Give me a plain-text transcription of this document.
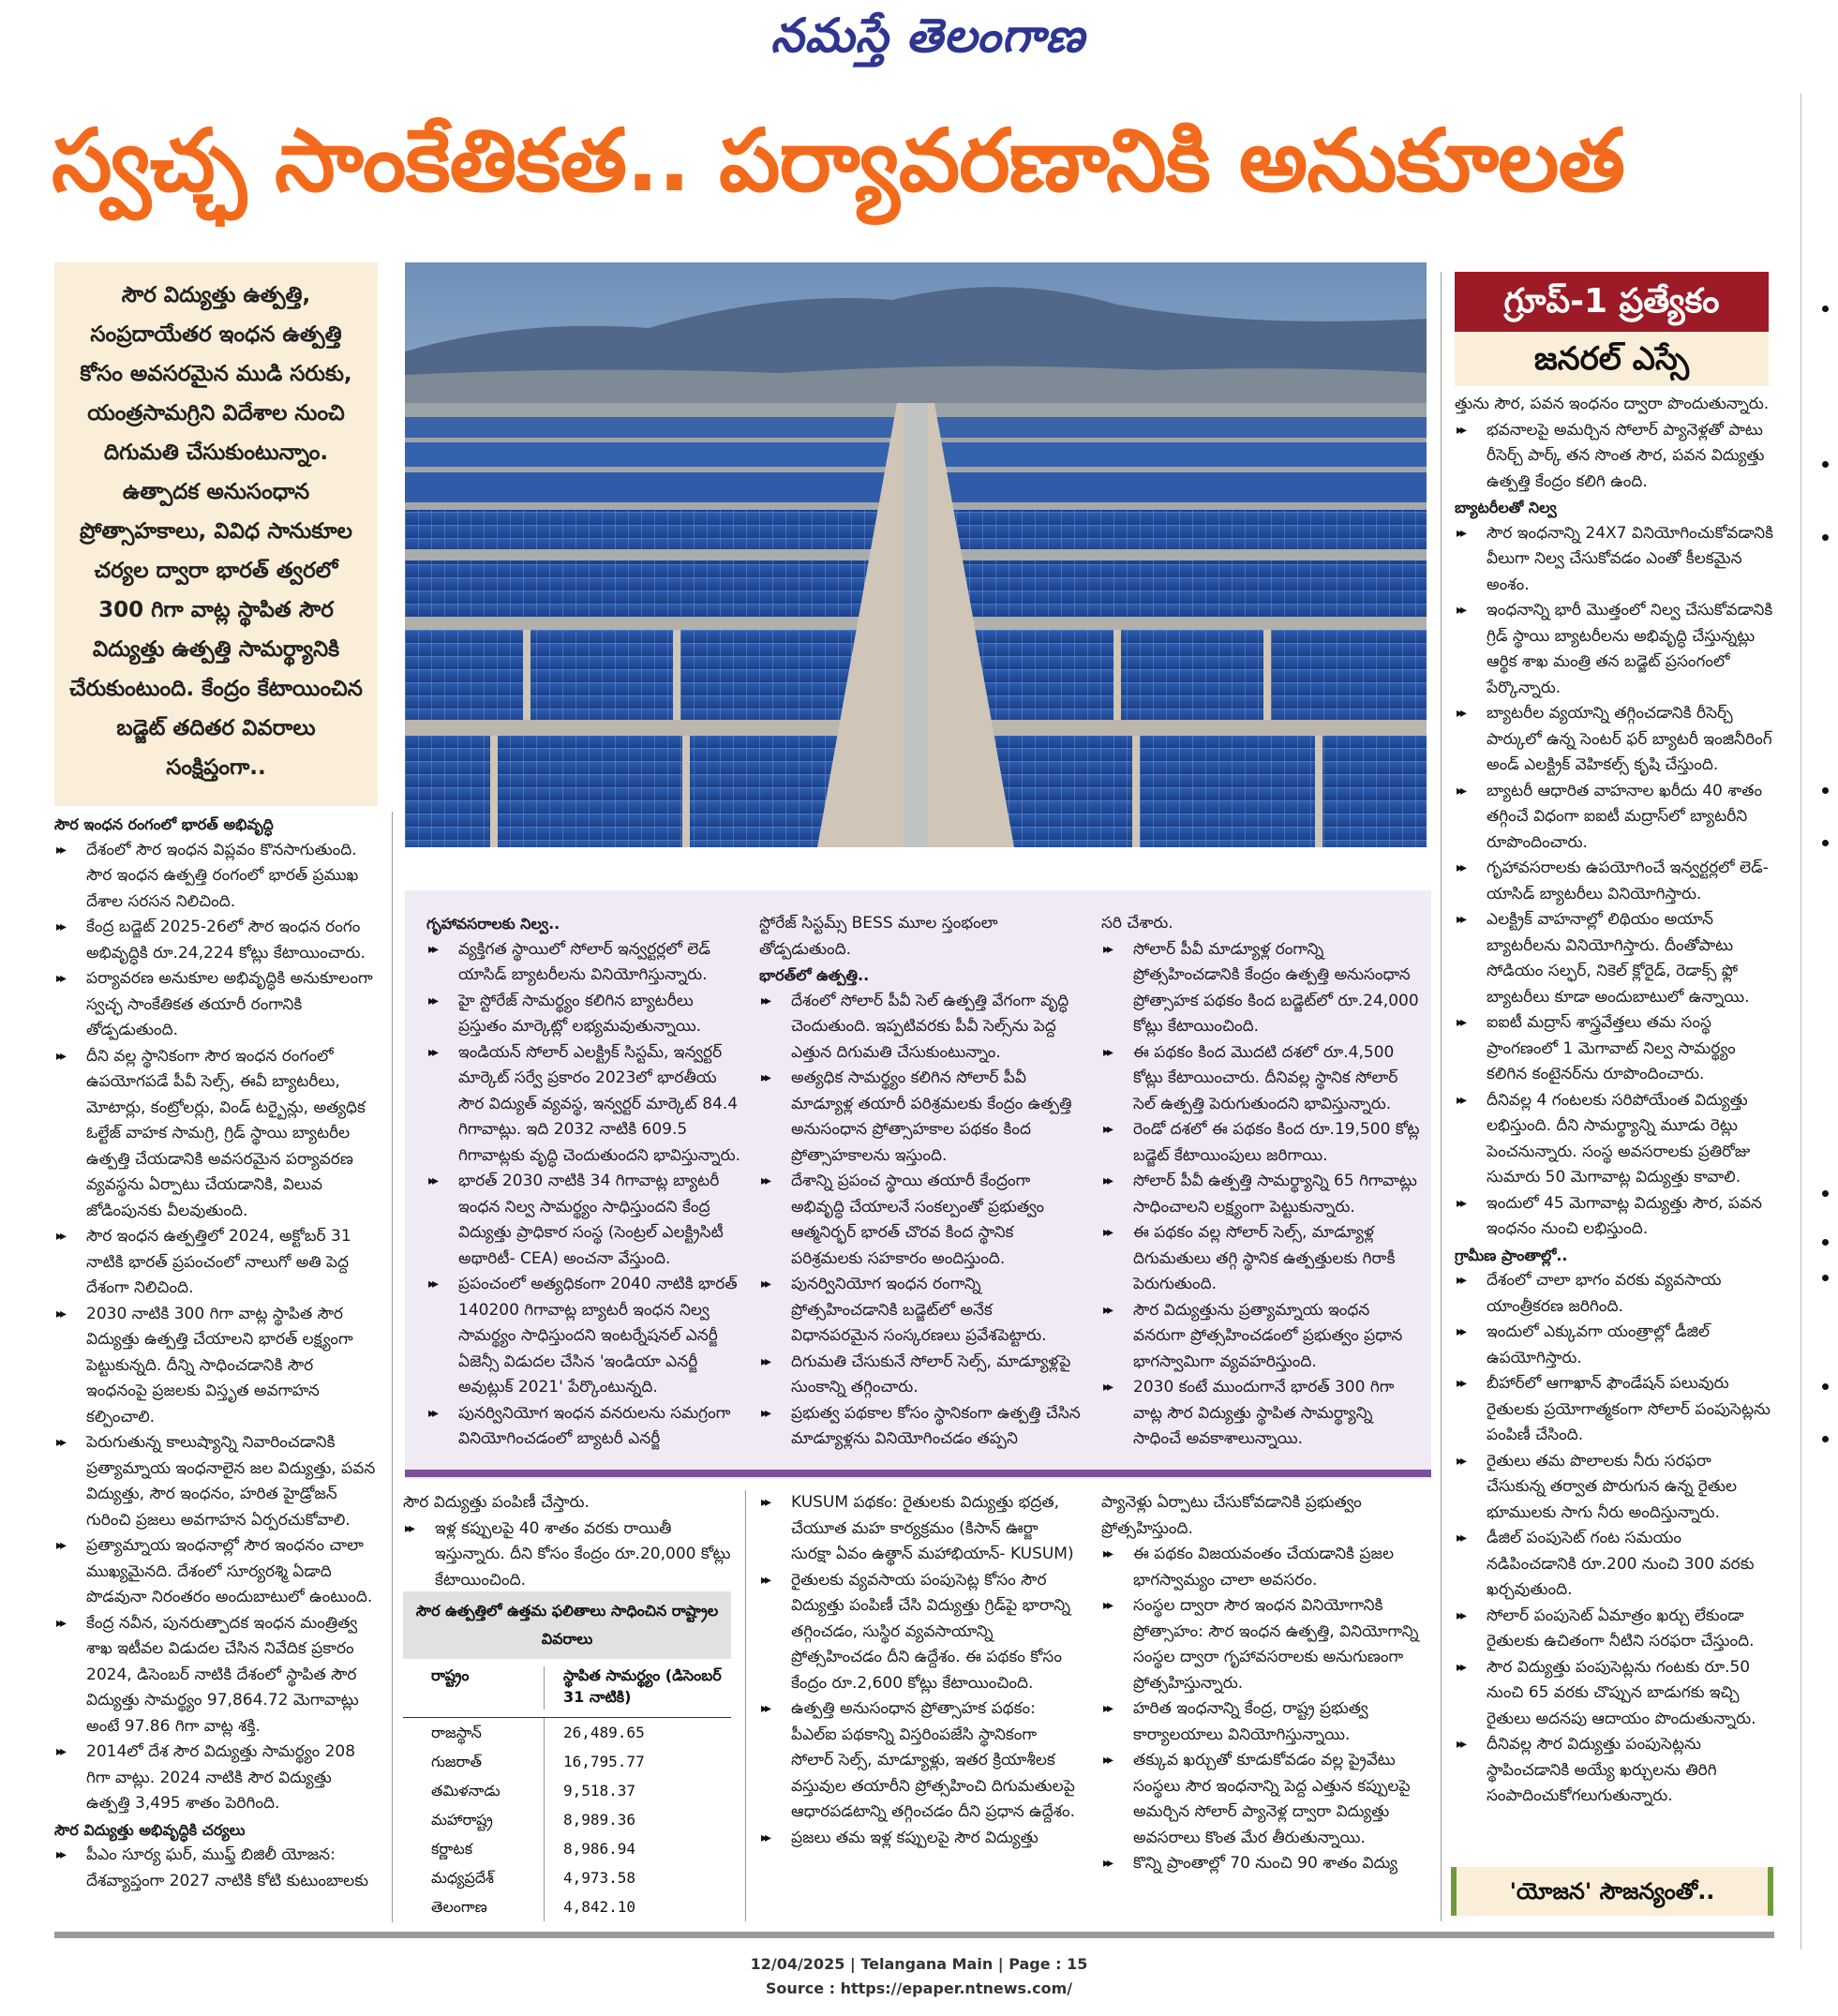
నమస్తే తెలంగాణ
స్వచ్ఛ సాంకేతికత.. పర్యావరణానికి అనుకూలత
సౌర విద్యుత్తు ఉత్పత్తి, సంప్రదాయేతర ఇంధన ఉత్పత్తి కోసం అవసరమైన ముడి సరుకు, యంత్రసామగ్రిని విదేశాల నుంచి దిగుమతి చేసుకుంటున్నాం. ఉత్పాదక అనుసంధాన ప్రోత్సాహకాలు, వివిధ సానుకూల చర్యల ద్వారా భారత్ త్వరలో 300 గిగా వాట్ల స్థాపిత సౌర విద్యుత్తు ఉత్పత్తి సామర్థ్యానికి చేరుకుంటుంది. కేంద్రం కేటాయించిన బడ్జెట్ తదితర వివరాలు సంక్షిప్తంగా..
గ్రూప్-1 ప్రత్యేకం
జనరల్ ఎస్సే

సౌర ఇంధన రంగంలో భారత్ అభివృద్ధి

▸▸ దేశంలో సౌర ఇంధన విప్లవం కొనసాగుతుంది. సౌర ఇంధన ఉత్పత్తి రంగంలో భారత్ ప్రముఖ దేశాల సరసన నిలిచింది.

▸▸ కేంద్ర బడ్జెట్ 2025-26లో సౌర ఇంధన రంగం అభివృద్ధికి రూ.24,224 కోట్లు కేటాయించారు.

▸▸ పర్యావరణ అనుకూల అభివృద్ధికి అనుకూలంగా స్వచ్ఛ సాంకేతికత తయారీ రంగానికి తోడ్పడుతుంది.

▸▸ దీని వల్ల స్థానికంగా సౌర ఇంధన రంగంలో ఉపయోగపడే పీవీ సెల్స్, ఈవీ బ్యాటరీలు, మోటార్లు, కంట్రోలర్లు, విండ్ టర్బైన్లు, అత్యధిక ఓల్టేజ్ వాహక సామగ్రి, గ్రిడ్ స్థాయి బ్యాటరీల ఉత్పత్తి చేయడానికి అవసరమైన పర్యావరణ వ్యవస్థను ఏర్పాటు చేయడానికి, విలువ జోడింపునకు వీలవుతుంది.

▸▸ సౌర ఇంధన ఉత్పత్తిలో 2024, అక్టోబర్ 31 నాటికి భారత్ ప్రపంచంలో నాలుగో అతి పెద్ద దేశంగా నిలిచింది.

▸▸ 2030 నాటికి 300 గిగా వాట్ల స్థాపిత సౌర విద్యుత్తు ఉత్పత్తి చేయాలని భారత్ లక్ష్యంగా పెట్టుకున్నది. దీన్ని సాధించడానికి సౌర ఇంధనంపై ప్రజలకు విస్తృత అవగాహన కల్పించాలి.

▸▸ పెరుగుతున్న కాలుష్యాన్ని నివారించడానికి ప్రత్యామ్నాయ ఇంధనాలైన జల విద్యుత్తు, పవన విద్యుత్తు, సౌర ఇంధనం, హరిత హైడ్రోజన్ గురించి ప్రజలు అవగాహన ఏర్పరచుకోవాలి.

▸▸ ప్రత్యామ్నాయ ఇంధనాల్లో సౌర ఇంధనం చాలా ముఖ్యమైనది. దేశంలో సూర్యరశ్మి ఏడాది పొడవునా నిరంతరం అందుబాటులో ఉంటుంది.

▸▸ కేంద్ర నవీన, పునరుత్పాదక ఇంధన మంత్రిత్వ శాఖ ఇటీవల విడుదల చేసిన నివేదిక ప్రకారం 2024, డిసెంబర్ నాటికి దేశంలో స్థాపిత సౌర విద్యుత్తు సామర్థ్యం 97,864.72 మెగావాట్లు అంటే 97.86 గిగా వాట్ల శక్తి.

▸▸ 2014లో దేశ సౌర విద్యుత్తు సామర్థ్యం 208 గిగా వాట్లు. 2024 నాటికి సౌర విద్యుత్తు ఉత్పత్తి 3,495 శాతం పెరిగింది.

సౌర విద్యుత్తు అభివృద్ధికి చర్యలు

▸▸ పీఎం సూర్య ఘర్, ముఫ్త్ బిజిలీ యోజన: దేశవ్యాప్తంగా 2027 నాటికి కోటి కుటుంబాలకు

గృహావసరాలకు నిల్వ..

▸▸ వ్యక్తిగత స్థాయిలో సోలార్ ఇన్వర్టర్లలో లెడ్ యాసిడ్ బ్యాటరీలను వినియోగిస్తున్నారు.

▸▸ హై స్టోరేజ్ సామర్థ్యం కలిగిన బ్యాటరీలు ప్రస్తుతం మార్కెట్లో లభ్యమవుతున్నాయి.

▸▸ ఇండియన్ సోలార్ ఎలక్ట్రిక్ సిస్టమ్, ఇన్వర్టర్ మార్కెట్ సర్వే ప్రకారం 2023లో భారతీయ సౌర విద్యుత్ వ్యవస్థ, ఇన్వర్టర్ మార్కెట్ 84.4 గిగావాట్లు. ఇది 2032 నాటికి 609.5 గిగావాట్లకు వృద్ధి చెందుతుందని భావిస్తున్నారు.

▸▸ భారత్ 2030 నాటికి 34 గిగావాట్ల బ్యాటరీ ఇంధన నిల్వ సామర్థ్యం సాధిస్తుందని కేంద్ర విద్యుత్తు ప్రాధికార సంస్థ (సెంట్రల్ ఎలక్ట్రిసిటీ అథారిటీ- CEA) అంచనా వేస్తుంది.

▸▸ ప్రపంచంలో అత్యధికంగా 2040 నాటికి భారత్ 140200 గిగావాట్ల బ్యాటరీ ఇంధన నిల్వ సామర్థ్యం సాధిస్తుందని ఇంటర్నేషనల్ ఎనర్జీ ఏజెన్సీ విడుదల చేసిన 'ఇండియా ఎనర్జీ అవుట్లుక్ 2021' పేర్కొంటున్నది.

▸▸ పునర్వినియోగ ఇంధన వనరులను సమగ్రంగా వినియోగించడంలో బ్యాటరీ ఎనర్జీ

స్టోరేజ్ సిస్టమ్స్ BESS మూల స్తంభంలా తోడ్పడుతుంది.

భారత్‌లో ఉత్పత్తి..

▸▸ దేశంలో సోలార్ పీవీ సెల్ ఉత్పత్తి వేగంగా వృద్ధి చెందుతుంది. ఇప్పటివరకు పీవీ సెల్స్‌ను పెద్ద ఎత్తున దిగుమతి చేసుకుంటున్నాం.

▸▸ అత్యధిక సామర్థ్యం కలిగిన సోలార్ పీవీ మాడ్యూళ్ల తయారీ పరిశ్రమలకు కేంద్రం ఉత్పత్తి అనుసంధాన ప్రోత్సాహకాల పథకం కింద ప్రోత్సాహకాలను ఇస్తుంది.

▸▸ దేశాన్ని ప్రపంచ స్థాయి తయారీ కేంద్రంగా అభివృద్ధి చేయాలనే సంకల్పంతో ప్రభుత్వం ఆత్మనిర్భర్ భారత్ చొరవ కింద స్థానిక పరిశ్రమలకు సహకారం అందిస్తుంది.

▸▸ పునర్వినియోగ ఇంధన రంగాన్ని ప్రోత్సహించడానికి బడ్జెట్‌లో అనేక విధానపరమైన సంస్కరణలు ప్రవేశపెట్టారు.

▸▸ దిగుమతి చేసుకునే సోలార్ సెల్స్, మాడ్యూళ్లపై సుంకాన్ని తగ్గించారు.

▸▸ ప్రభుత్వ పథకాల కోసం స్థానికంగా ఉత్పత్తి చేసిన మాడ్యూళ్లను వినియోగించడం తప్పని

సరి చేశారు.

▸▸ సోలార్ పీవీ మాడ్యూళ్ల రంగాన్ని ప్రోత్సహించడానికి కేంద్రం ఉత్పత్తి అనుసంధాన ప్రోత్సాహక పథకం కింద బడ్జెట్‌లో రూ.24,000 కోట్లు కేటాయించింది.

▸▸ ఈ పథకం కింద మొదటి దశలో రూ.4,500 కోట్లు కేటాయించారు. దీనివల్ల స్థానిక సోలార్ సెల్ ఉత్పత్తి పెరుగుతుందని భావిస్తున్నారు.

▸▸ రెండో దశలో ఈ పథకం కింద రూ.19,500 కోట్ల బడ్జెట్ కేటాయింపులు జరిగాయి.

▸▸ సోలార్ పీవీ ఉత్పత్తి సామర్థ్యాన్ని 65 గిగావాట్లు సాధించాలని లక్ష్యంగా పెట్టుకున్నారు.

▸▸ ఈ పథకం వల్ల సోలార్ సెల్స్, మాడ్యూళ్ల దిగుమతులు తగ్గి స్థానిక ఉత్పత్తులకు గిరాకీ పెరుగుతుంది.

▸▸ సౌర విద్యుత్తును ప్రత్యామ్నాయ ఇంధన వనరుగా ప్రోత్సహించడంలో ప్రభుత్వం ప్రధాన భాగస్వామిగా వ్యవహరిస్తుంది.

▸▸ 2030 కంటే ముందుగానే భారత్ 300 గిగా వాట్ల సౌర విద్యుత్తు స్థాపిత సామర్థ్యాన్ని సాధించే అవకాశాలున్నాయి.

సౌర విద్యుత్తు పంపిణీ చేస్తారు.

▸▸ ఇళ్ల కప్పులపై 40 శాతం వరకు రాయితీ ఇస్తున్నారు. దీని కోసం కేంద్రం రూ.20,000 కోట్లు కేటాయించింది.

సౌర ఉత్పత్తిలో ఉత్తమ ఫలితాలు సాధించిన రాష్ట్రాల వివరాలు
రాష్ట్రం	స్థాపిత సామర్థ్యం (డిసెంబర్ 31 నాటికి)
రాజస్థాన్	26,489.65
గుజరాత్	16,795.77
తమిళనాడు	9,518.37
మహారాష్ట్ర	8,989.36
కర్ణాటక	8,986.94
మధ్యప్రదేశ్	4,973.58
తెలంగాణ	4,842.10

▸▸ KUSUM పథకం: రైతులకు విద్యుత్తు భద్రత, చేయూత మహ కార్యక్రమం (కిసాన్ ఊర్జా సురక్షా ఏవం ఉత్థాన్ మహాభియాన్- KUSUM)

▸▸ రైతులకు వ్యవసాయ పంపుసెట్ల కోసం సౌర విద్యుత్తు పంపిణీ చేసి విద్యుత్తు గ్రిడ్‌పై భారాన్ని తగ్గించడం, సుస్థిర వ్యవసాయాన్ని ప్రోత్సహించడం దీని ఉద్దేశం. ఈ పథకం కోసం కేంద్రం రూ.2,600 కోట్లు కేటాయించింది.

▸▸ ఉత్పత్తి అనుసంధాన ప్రోత్సాహక పథకం: పీఎల్ఐ పథకాన్ని విస్తరింపజేసి స్థానికంగా సోలార్ సెల్స్, మాడ్యూళ్లు, ఇతర క్రియాశీలక వస్తువుల తయారీని ప్రోత్సహించి దిగుమతులపై ఆధారపడటాన్ని తగ్గించడం దీని ప్రధాన ఉద్దేశం.

▸▸ ప్రజలు తమ ఇళ్ల కప్పులపై సౌర విద్యుత్తు

ప్యానెళ్లు ఏర్పాటు చేసుకోవడానికి ప్రభుత్వం ప్రోత్సహిస్తుంది.

▸▸ ఈ పథకం విజయవంతం చేయడానికి ప్రజల భాగస్వామ్యం చాలా అవసరం.

▸▸ సంస్థల ద్వారా సౌర ఇంధన వినియోగానికి ప్రోత్సాహం: సౌర ఇంధన ఉత్పత్తి, వినియోగాన్ని సంస్థల ద్వారా గృహావసరాలకు అనుగుణంగా ప్రోత్సహిస్తున్నారు.

▸▸ హరిత ఇంధనాన్ని కేంద్ర, రాష్ట్ర ప్రభుత్వ కార్యాలయాలు వినియోగిస్తున్నాయి.

▸▸ తక్కువ ఖర్చుతో కూడుకోవడం వల్ల ప్రైవేటు సంస్థలు సౌర ఇంధనాన్ని పెద్ద ఎత్తున కప్పులపై అమర్చిన సోలార్ ప్యానెళ్ల ద్వారా విద్యుత్తు అవసరాలు కొంత మేర తీరుతున్నాయి.

▸▸ కొన్ని ప్రాంతాల్లో 70 నుంచి 90 శాతం విద్యు

త్తును సౌర, పవన ఇంధనం ద్వారా పొందుతున్నారు.

▸▸ భవనాలపై అమర్చిన సోలార్ ప్యానెళ్లతో పాటు రీసెర్చ్ పార్క్ తన సొంత సౌర, పవన విద్యుత్తు ఉత్పత్తి కేంద్రం కలిగి ఉంది.

బ్యాటరీలతో నిల్వ

▸▸ సౌర ఇంధనాన్ని 24X7 వినియోగించుకోవడానికి వీలుగా నిల్వ చేసుకోవడం ఎంతో కీలకమైన అంశం.

▸▸ ఇంధనాన్ని భారీ మొత్తంలో నిల్వ చేసుకోవడానికి గ్రిడ్ స్థాయి బ్యాటరీలను అభివృద్ధి చేస్తున్నట్లు ఆర్థిక శాఖ మంత్రి తన బడ్జెట్ ప్రసంగంలో పేర్కొన్నారు.

▸▸ బ్యాటరీల వ్యయాన్ని తగ్గించడానికి రీసెర్చ్ పార్కులో ఉన్న సెంటర్ ఫర్ బ్యాటరీ ఇంజినీరింగ్ అండ్ ఎలక్ట్రిక్ వెహికల్స్ కృషి చేస్తుంది.

▸▸ బ్యాటరీ ఆధారిత వాహనాల ఖరీదు 40 శాతం తగ్గించే విధంగా ఐఐటీ మద్రాస్‌లో బ్యాటరీని రూపొందించారు.

▸▸ గృహావసరాలకు ఉపయోగించే ఇన్వర్టర్లలో లెడ్-యాసిడ్ బ్యాటరీలు వినియోగిస్తారు.

▸▸ ఎలక్ట్రిక్ వాహనాల్లో లిథియం అయాన్ బ్యాటరీలను వినియోగిస్తారు. దీంతోపాటు సోడియం సల్ఫర్, నికెల్ క్లోరైడ్, రెడాక్స్ ఫ్లో బ్యాటరీలు కూడా అందుబాటులో ఉన్నాయి.

▸▸ ఐఐటీ మద్రాస్ శాస్త్రవేత్తలు తమ సంస్థ ప్రాంగణంలో 1 మెగావాట్ నిల్వ సామర్థ్యం కలిగిన కంటైనర్‌ను రూపొందించారు.

▸▸ దీనివల్ల 4 గంటలకు సరిపోయేంత విద్యుత్తు లభిస్తుంది. దీని సామర్థ్యాన్ని మూడు రెట్లు పెంచనున్నారు. సంస్థ అవసరాలకు ప్రతిరోజు సుమారు 50 మెగావాట్ల విద్యుత్తు కావాలి.

▸▸ ఇందులో 45 మెగావాట్ల విద్యుత్తు సౌర, పవన ఇంధనం నుంచి లభిస్తుంది.

గ్రామీణ ప్రాంతాల్లో..

▸▸ దేశంలో చాలా భాగం వరకు వ్యవసాయ యాంత్రీకరణ జరిగింది.

▸▸ ఇందులో ఎక్కువగా యంత్రాల్లో డీజిల్ ఉపయోగిస్తారు.

▸▸ బీహార్‌లో ఆగాఖాన్ ఫౌండేషన్ పలువురు రైతులకు ప్రయోగాత్మకంగా సోలార్ పంపుసెట్లను పంపిణీ చేసింది.

▸▸ రైతులు తమ పొలాలకు నీరు సరఫరా చేసుకున్న తర్వాత పొరుగున ఉన్న రైతుల భూములకు సాగు నీరు అందిస్తున్నారు.

▸▸ డీజిల్ పంపుసెట్ గంట సమయం నడిపించడానికి రూ.200 నుంచి 300 వరకు ఖర్చవుతుంది.

▸▸ సోలార్ పంపుసెట్ ఏమాత్రం ఖర్చు లేకుండా రైతులకు ఉచితంగా నీటిని సరఫరా చేస్తుంది.

▸▸ సౌర విద్యుత్తు పంపుసెట్లను గంటకు రూ.50 నుంచి 65 వరకు చొప్పున బాడుగకు ఇచ్చి రైతులు అదనపు ఆదాయం పొందుతున్నారు.

▸▸ దీనివల్ల సౌర విద్యుత్తు పంపుసెట్లను స్థాపించడానికి అయ్యే ఖర్చులను తిరిగి సంపాదించుకోగలుగుతున్నారు.

'యోజన' సౌజన్యంతో..
12/04/2025 | Telangana Main | Page : 15
Source : https://epaper.ntnews.com/
